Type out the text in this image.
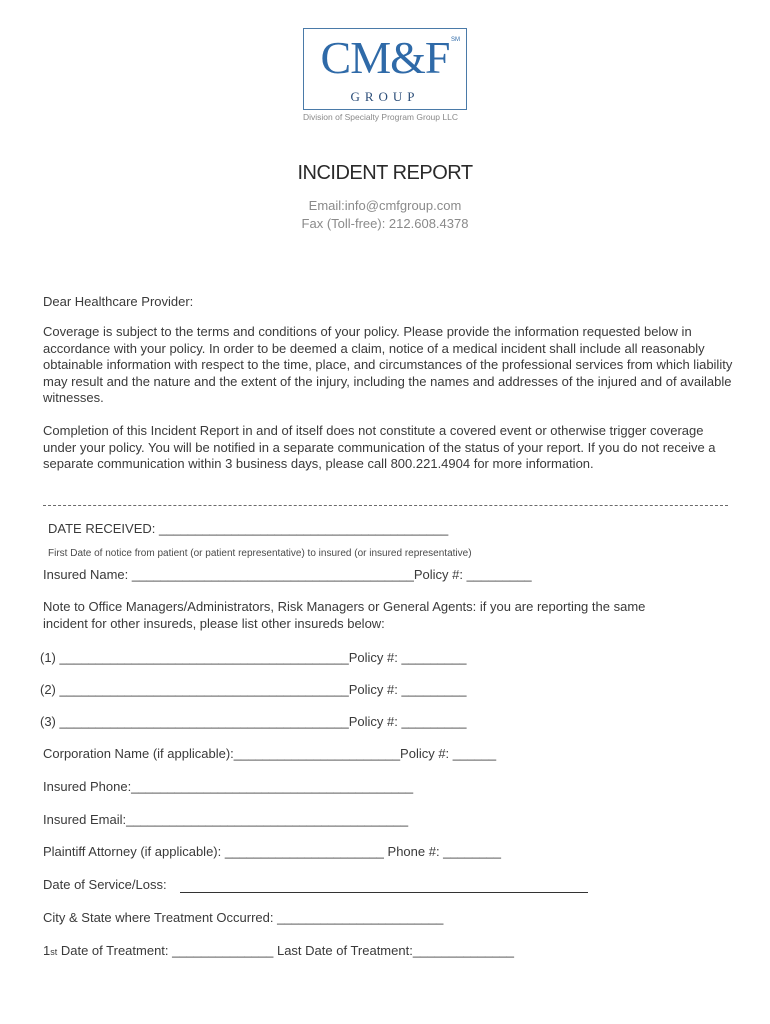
CM&F SM
GROUP
Division of Specialty Program Group LLC
INCIDENT REPORT
Email:info@cmfgroup.com
Fax (Toll-free): 212.608.4378
Dear Healthcare Provider:
Coverage is subject to the terms and conditions of your policy. Please provide the information requested below in accordance with your policy. In order to be deemed a claim, notice of a medical incident shall include all reasonably obtainable information with respect to the time, place, and circumstances of the professional services from which liability may result and the nature and the extent of the injury, including the names and addresses of the injured and of available witnesses.
Completion of this Incident Report in and of itself does not constitute a covered event or otherwise trigger coverage under your policy. You will be notified in a separate communication of the status of your report. If you do not receive a separate communication within 3 business days, please call 800.221.4904 for more information.
DATE RECEIVED: ________________________________________
First Date of notice from patient (or patient representative) to insured (or insured representative)
Insured Name: _______________________________________Policy #: _________
Note to Office Managers/Administrators, Risk Managers or General Agents: if you are reporting the same incident for other insureds, please list other insureds below:
(1) ________________________________________Policy #: _________
(2) ________________________________________Policy #: _________
(3) ________________________________________Policy #: _________
Corporation Name (if applicable):_______________________Policy #: ______
Insured Phone:_______________________________________
Insured Email:_______________________________________
Plaintiff Attorney (if applicable): ______________________ Phone #: ________
Date of Service/Loss:
City & State where Treatment Occurred: _______________________
1st Date of Treatment: ______________ Last Date of Treatment:______________
